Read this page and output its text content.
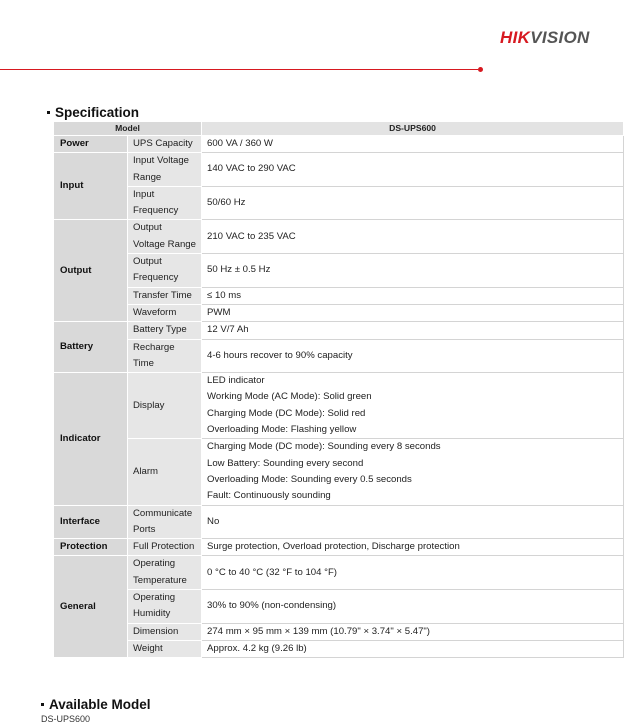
HIKVISION
Specification
Model		DS-UPS600
Power	UPS Capacity	600 VA / 360 W
Input	Input Voltage Range	140 VAC to 290 VAC
	Input Frequency	50/60 Hz
Output	Output Voltage Range	210 VAC to 235 VAC
	Output Frequency	50 Hz ± 0.5 Hz
	Transfer Time	≤ 10 ms
	Waveform	PWM
Battery	Battery Type	12 V/7 Ah
	Recharge Time	4-6 hours recover to 90% capacity
Indicator	Display	LED indicator
Working Mode (AC Mode): Solid green
Charging Mode (DC Mode): Solid red
Overloading Mode: Flashing yellow

	Alarm	Charging Mode (DC mode): Sounding every 8 seconds
Low Battery: Sounding every second
Overloading Mode: Sounding every 0.5 seconds
Fault: Continuously sounding

Interface	Communicate Ports	No
Protection	Full Protection	Surge protection, Overload protection, Discharge protection
General	Operating Temperature	0 °C to 40 °C (32 °F to 104 °F)
	Operating Humidity	30% to 90% (non-condensing)
	Dimension	274 mm × 95 mm × 139 mm (10.79" × 3.74" × 5.47")
	Weight	Approx. 4.2 kg (9.26 lb)
Available Model
DS-UPS600
